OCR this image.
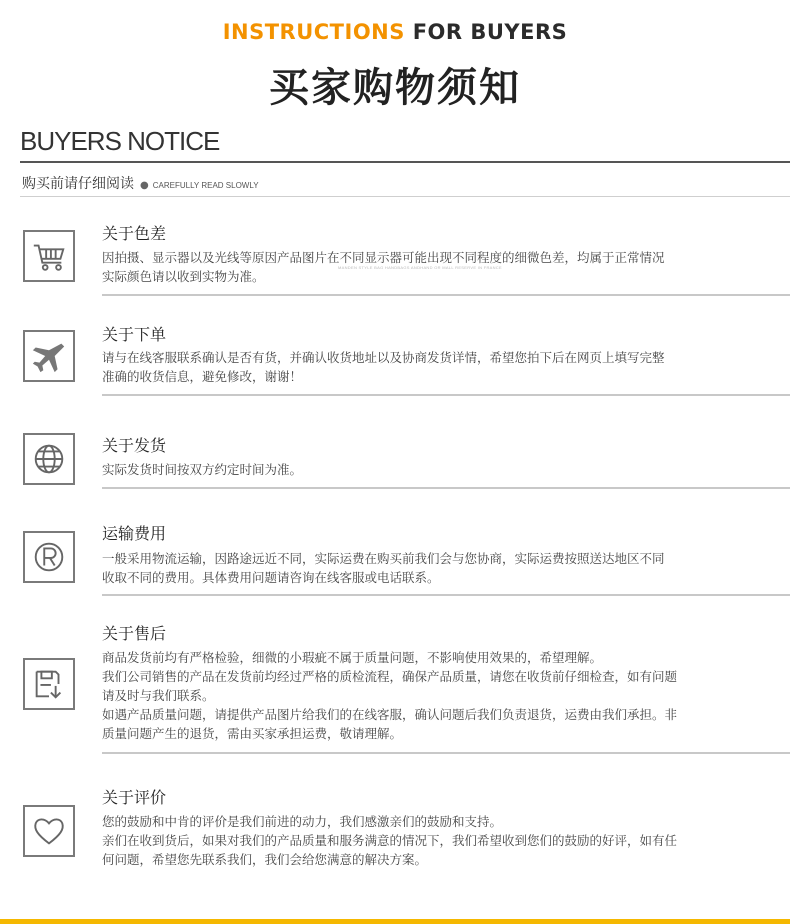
INSTRUCTIONS FOR BUYERS
买家购物须知
BUYERS NOTICE
购买前请仔细阅读 ● CAREFULLY READ SLOWLY
MANDEN STYLE BAG HANDBAGS ANDHAND OR MALL RESERVE IN FRANCE
关于色差

因拍摄、显示器以及光线等原因产品图片在不同显示器可能出现不同程度的细微色差，均属于正常情况

实际颜色请以收到实物为准。

关于下单

请与在线客服联系确认是否有货，并确认收货地址以及协商发货详情，希望您拍下后在网页上填写完整

准确的收货信息，避免修改，谢谢！

关于发货

实际发货时间按双方约定时间为准。

运输费用

一般采用物流运输，因路途远近不同，实际运费在购买前我们会与您协商，实际运费按照送达地区不同

收取不同的费用。具体费用问题请咨询在线客服或电话联系。

关于售后

商品发货前均有严格检验，细微的小瑕疵不属于质量问题，不影响使用效果的，希望理解。

我们公司销售的产品在发货前均经过严格的质检流程，确保产品质量，请您在收货前仔细检查，如有问题

请及时与我们联系。

如遇产品质量问题，请提供产品图片给我们的在线客服，确认问题后我们负责退货，运费由我们承担。非

质量问题产生的退货，需由买家承担运费，敬请理解。

关于评价

您的鼓励和中肯的评价是我们前进的动力，我们感激亲们的鼓励和支持。

亲们在收到货后，如果对我们的产品质量和服务满意的情况下，我们希望收到您们的鼓励的好评，如有任

何问题，希望您先联系我们，我们会给您满意的解决方案。
